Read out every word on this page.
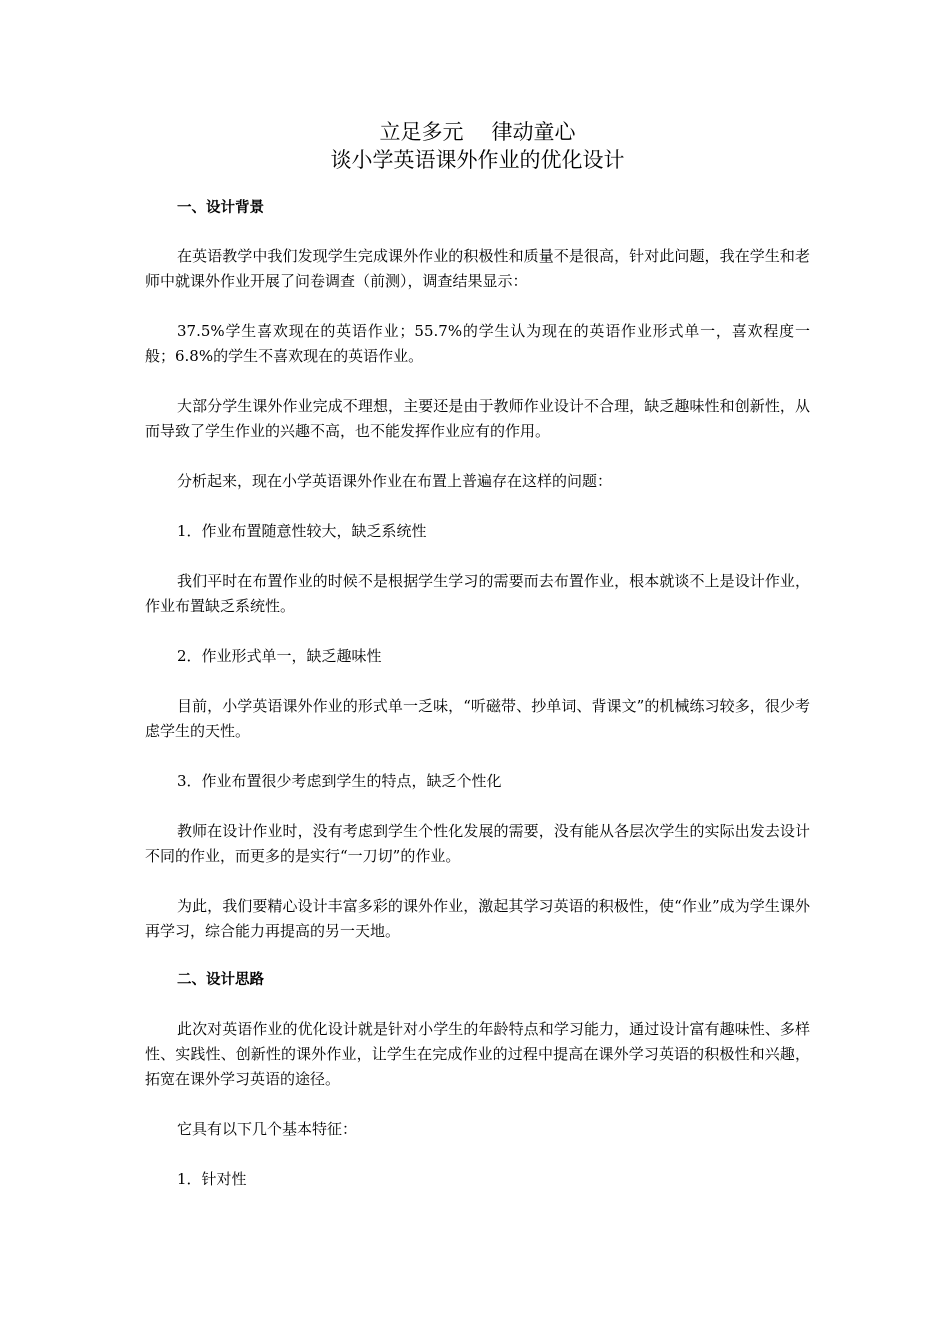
立足多元 律动童心

谈小学英语课外作业的优化设计

一、设计背景

在英语教学中我们发现学生完成课外作业的积极性和质量不是很高，针对此问题，我在学生和老师中就课外作业开展了问卷调查（前测），调查结果显示：

37.5%学生喜欢现在的英语作业；55.7%的学生认为现在的英语作业形式单一，喜欢程度一般；6.8%的学生不喜欢现在的英语作业。

大部分学生课外作业完成不理想，主要还是由于教师作业设计不合理，缺乏趣味性和创新性，从而导致了学生作业的兴趣不高，也不能发挥作业应有的作用。

分析起来，现在小学英语课外作业在布置上普遍存在这样的问题：

1．作业布置随意性较大，缺乏系统性

我们平时在布置作业的时候不是根据学生学习的需要而去布置作业，根本就谈不上是设计作业，作业布置缺乏系统性。

2．作业形式单一，缺乏趣味性

目前，小学英语课外作业的形式单一乏味，“听磁带、抄单词、背课文”的机械练习较多，很少考虑学生的天性。

3．作业布置很少考虑到学生的特点，缺乏个性化

教师在设计作业时，没有考虑到学生个性化发展的需要，没有能从各层次学生的实际出发去设计不同的作业，而更多的是实行“一刀切”的作业。

为此，我们要精心设计丰富多彩的课外作业，激起其学习英语的积极性，使“作业”成为学生课外再学习，综合能力再提高的另一天地。

二、设计思路

此次对英语作业的优化设计就是针对小学生的年龄特点和学习能力，通过设计富有趣味性、多样性、实践性、创新性的课外作业，让学生在完成作业的过程中提高在课外学习英语的积极性和兴趣，拓宽在课外学习英语的途径。

它具有以下几个基本特征：

1．针对性
